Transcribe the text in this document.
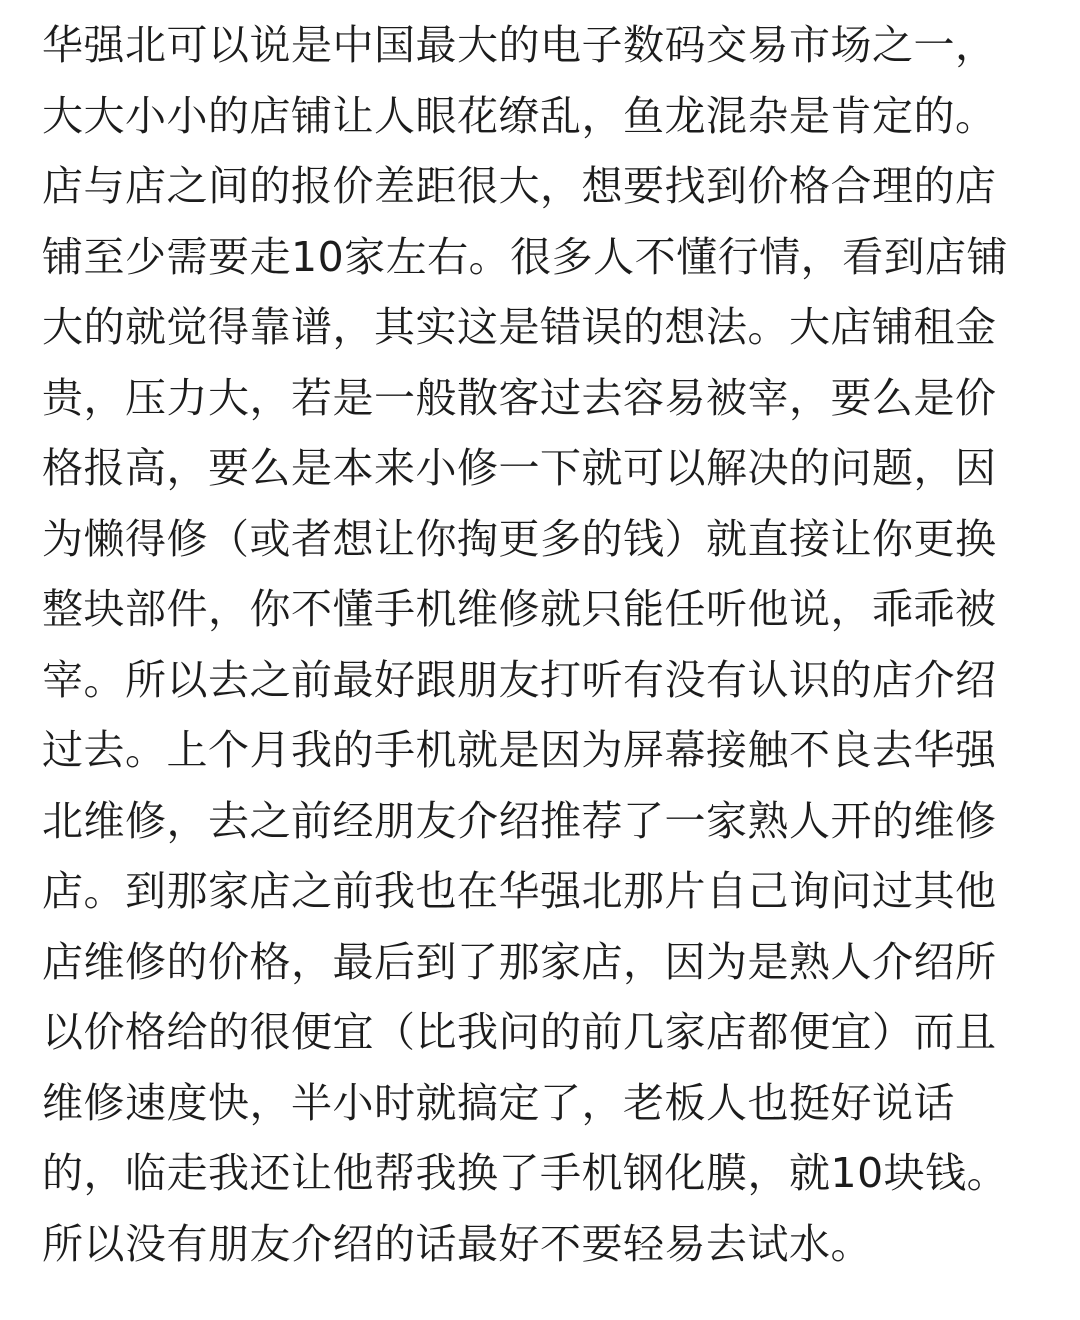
华强北可以说是中国最大的电子数码交易市场之一，
大大小小的店铺让人眼花缭乱，鱼龙混杂是肯定的。
店与店之间的报价差距很大，想要找到价格合理的店
铺至少需要走10家左右。很多人不懂行情，看到店铺
大的就觉得靠谱，其实这是错误的想法。大店铺租金
贵，压力大，若是一般散客过去容易被宰，要么是价
格报高，要么是本来小修一下就可以解决的问题，因
为懒得修（或者想让你掏更多的钱）就直接让你更换
整块部件，你不懂手机维修就只能任听他说，乖乖被
宰。所以去之前最好跟朋友打听有没有认识的店介绍
过去。上个月我的手机就是因为屏幕接触不良去华强
北维修，去之前经朋友介绍推荐了一家熟人开的维修
店。到那家店之前我也在华强北那片自己询问过其他
店维修的价格，最后到了那家店，因为是熟人介绍所
以价格给的很便宜（比我问的前几家店都便宜）而且
维修速度快，半小时就搞定了，老板人也挺好说话
的，临走我还让他帮我换了手机钢化膜，就10块钱。
所以没有朋友介绍的话最好不要轻易去试水。
